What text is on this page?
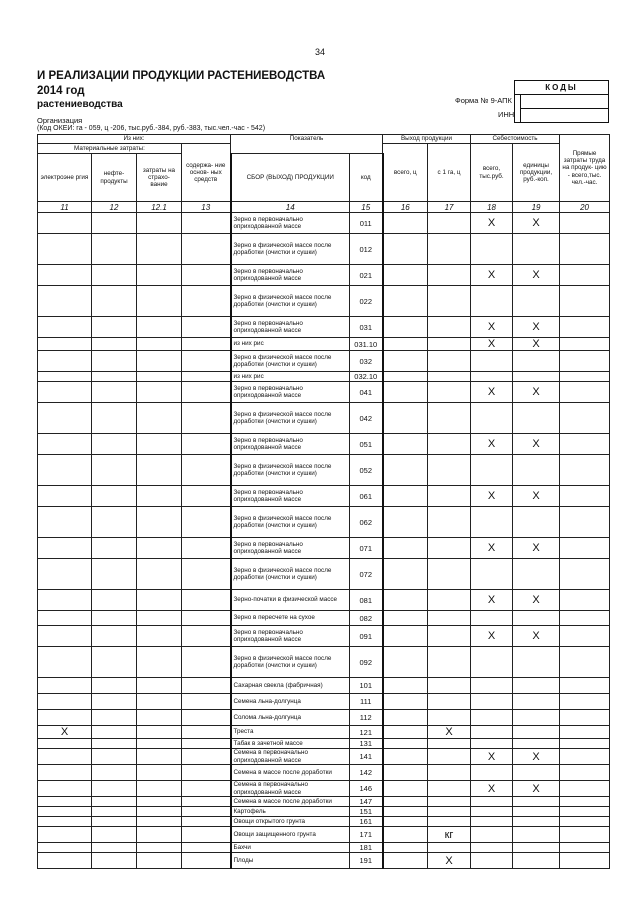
34
И РЕАЛИЗАЦИИ ПРОДУКЦИИ РАСТЕНИЕВОДСТВА
2014 год
растениеводства
Организация
(Код ОКЕИ: га - 059, ц -206, тыс.руб.-384, руб.-383, тыс.чел.-час - 542)
Форма № 9-АПК
ИНН
КОДЫ
Из них:				Показатель		Выход продукции		Себестоимость		Прямые затраты труда на продук- цию - всего,тыс. чел.-час.
Материальные затраты:			содержа- ние основ- ных средств			всего, ц	с 1 га, ц	всего, тыс.руб.	единицы продукции, руб.-коп.	
электроэне ргия	нефте- продукты	затраты на страхо- вание		СБОР (ВЫХОД) ПРОДУКЦИИ	код					
11	12	12.1	13	14	15	16	17	18	19	20
				Зерно в первоначально оприходованной массе	011			X	X	
				Зерно в физической массе после доработки (очистки и сушки)	012					
				Зерно в первоначально оприходованной массе	021			X	X	
				Зерно в физической массе после доработки (очистки и сушки)	022					
				Зерно в первоначально оприходованной массе	031			X	X	
				из них рис	031.10			X	X	
				Зерно в физической массе после доработки (очистки и сушки)	032					
				из них рис	032.10					
				Зерно в первоначально оприходованной массе	041			X	X	
				Зерно в физической массе после доработки (очистки и сушки)	042					
				Зерно в первоначально оприходованной массе	051			X	X	
				Зерно в физической массе после доработки (очистки и сушки)	052					
				Зерно в первоначально оприходованной массе	061			X	X	
				Зерно в физической массе после доработки (очистки и сушки)	062					
				Зерно в первоначально оприходованной массе	071			X	X	
				Зерно в физической массе после доработки (очистки и сушки)	072					
				Зерно-початки в физической массе	081			X	X	
				Зерно в пересчете на сухое	082					
				Зерно в первоначально оприходованной массе	091			X	X	
				Зерно в физической массе после доработки (очистки и сушки)	092					
				Сахарная свекла (фабричная)	101					
				Семена льна-долгунца	111					
				Солома льна-долгунца	112					
X				Треста	121		X			
				Табак в зачетной массе	131					
				Семена в первоначально оприходованной массе	141			X	X	
				Семена в массе после доработки	142					
				Семена в первоначально оприходованной массе	146			X	X	
				Семена в массе после доработки	147					
				Картофель	151					
				Овощи открытого грунта	161					
				Овощи защищенного грунта	171		кг			
				Бахчи	181					
				Плоды	191		X			
